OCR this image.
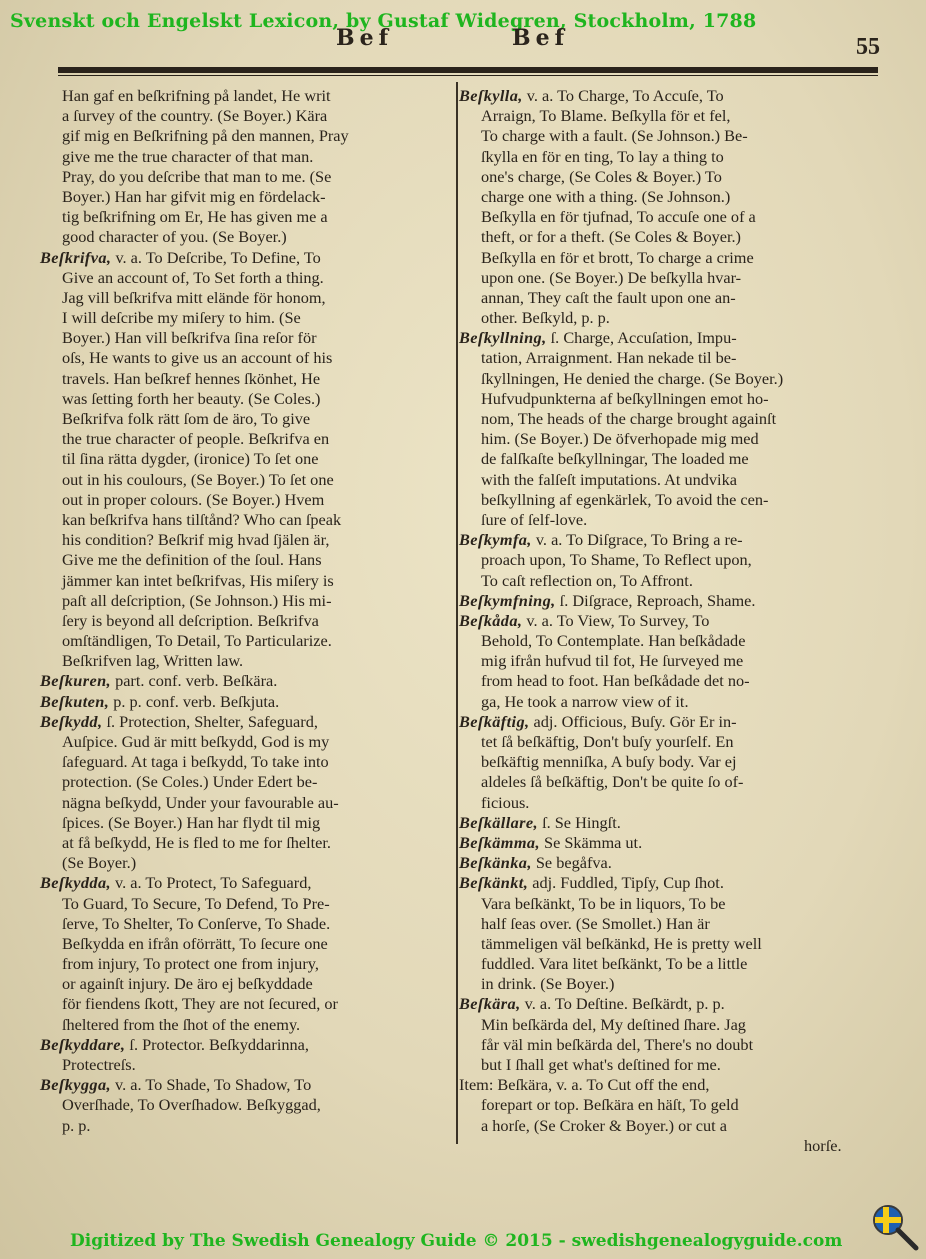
Svenskt och Engelskt Lexicon, by Gustaf Widegren, Stockholm, 1788
Bef	Bef	55
Han gaf en beſkrifning på landet, He writ
a ſurvey of the country. (Se Boyer.) Kära
gif mig en Beſkrifning på den mannen, Pray
give me the true character of that man.
Pray, do you deſcribe that man to me. (Se
Boyer.) Han har gifvit mig en fördelack-
tig beſkrifning om Er, He has given me a
good character of you. (Se Boyer.)
Beſkrifva, v. a. To Deſcribe, To Define, To
Give an account of, To Set forth a thing.
Jag vill beſkrifva mitt elände för honom,
I will deſcribe my miſery to him. (Se
Boyer.) Han vill beſkrifva ſina reſor för
oſs, He wants to give us an account of his
travels. Han beſkref hennes ſkönhet, He
was ſetting forth her beauty. (Se Coles.)
Beſkrifva folk rätt ſom de äro, To give
the true character of people. Beſkrifva en
til ſina rätta dygder, (ironice) To ſet one
out in his coulours, (Se Boyer.) To ſet one
out in proper colours. (Se Boyer.) Hvem
kan beſkrifva hans tilſtånd? Who can ſpeak
his condition? Beſkrif mig hvad ſjälen är,
Give me the definition of the ſoul. Hans
jämmer kan intet beſkrifvas, His miſery is
paſt all deſcription, (Se Johnson.) His mi-
ſery is beyond all deſcription. Beſkrifva
omſtändligen, To Detail, To Particularize.
Beſkrifven lag, Written law.
Beſkuren, part. conf. verb. Beſkära.
Beſkuten, p. p. conf. verb. Beſkjuta.
Beſkydd, ſ. Protection, Shelter, Safeguard,
Auſpice. Gud är mitt beſkydd, God is my
ſafeguard. At taga i beſkydd, To take into
protection. (Se Coles.) Under Edert be-
nägna beſkydd, Under your favourable au-
ſpices. (Se Boyer.) Han har flydt til mig
at få beſkydd, He is fled to me for ſhelter.
(Se Boyer.)
Beſkydda, v. a. To Protect, To Safeguard,
To Guard, To Secure, To Defend, To Pre-
ſerve, To Shelter, To Conſerve, To Shade.
Beſkydda en ifrån oförrätt, To ſecure one
from injury, To protect one from injury,
or againſt injury. De äro ej beſkyddade
för fiendens ſkott, They are not ſecured, or
ſheltered from the ſhot of the enemy.
Beſkyddare, ſ. Protector. Beſkyddarinna,
Protectreſs.
Beſkygga, v. a. To Shade, To Shadow, To
Overſhade, To Overſhadow. Beſkyggad,
p. p.
Beſkylla, v. a. To Charge, To Accuſe, To
Arraign, To Blame. Beſkylla för et fel,
To charge with a fault. (Se Johnson.) Be-
ſkylla en för en ting, To lay a thing to
one's charge, (Se Coles & Boyer.) To
charge one with a thing. (Se Johnson.)
Beſkylla en för tjufnad, To accuſe one of a
theft, or for a theft. (Se Coles & Boyer.)
Beſkylla en för et brott, To charge a crime
upon one. (Se Boyer.) De beſkylla hvar-
annan, They caſt the fault upon one an-
other. Beſkyld, p. p.
Beſkyllning, ſ. Charge, Accuſation, Impu-
tation, Arraignment. Han nekade til be-
ſkyllningen, He denied the charge. (Se Boyer.)
Hufvudpunkterna af beſkyllningen emot ho-
nom, The heads of the charge brought againſt
him. (Se Boyer.) De öfverhopade mig med
de falſkaſte beſkyllningar, The loaded me
with the falſeſt imputations. At undvika
beſkyllning af egenkärlek, To avoid the cen-
ſure of ſelf-love.
Beſkymfa, v. a. To Diſgrace, To Bring a re-
proach upon, To Shame, To Reflect upon,
To caſt reflection on, To Affront.
Beſkymfning, ſ. Diſgrace, Reproach, Shame.
Beſkåda, v. a. To View, To Survey, To
Behold, To Contemplate. Han beſkådade
mig ifrån hufvud til fot, He ſurveyed me
from head to foot. Han beſkådade det no-
ga, He took a narrow view of it.
Beſkäftig, adj. Officious, Buſy. Gör Er in-
tet ſå beſkäftig, Don't buſy yourſelf. En
beſkäftig menniſka, A buſy body. Var ej
aldeles ſå beſkäftig, Don't be quite ſo of-
ficious.
Beſkällare, ſ. Se Hingſt.
Beſkämma, Se Skämma ut.
Beſkänka, Se begåfva.
Beſkänkt, adj. Fuddled, Tipſy, Cup ſhot.
Vara beſkänkt, To be in liquors, To be
half ſeas over. (Se Smollet.) Han är
tämmeligen väl beſkänkd, He is pretty well
fuddled. Vara litet beſkänkt, To be a little
in drink. (Se Boyer.)
Beſkära, v. a. To Deſtine. Beſkärdt, p. p.
Min beſkärda del, My deſtined ſhare. Jag
får väl min beſkärda del, There's no doubt
but I ſhall get what's deſtined for me.
Item: Beſkära, v. a. To Cut off the end,
forepart or top. Beſkära en häſt, To geld
a horſe, (Se Croker & Boyer.) or cut a
horſe.
Digitized by The Swedish Genealogy Guide © 2015 - swedishgenealogyguide.com
